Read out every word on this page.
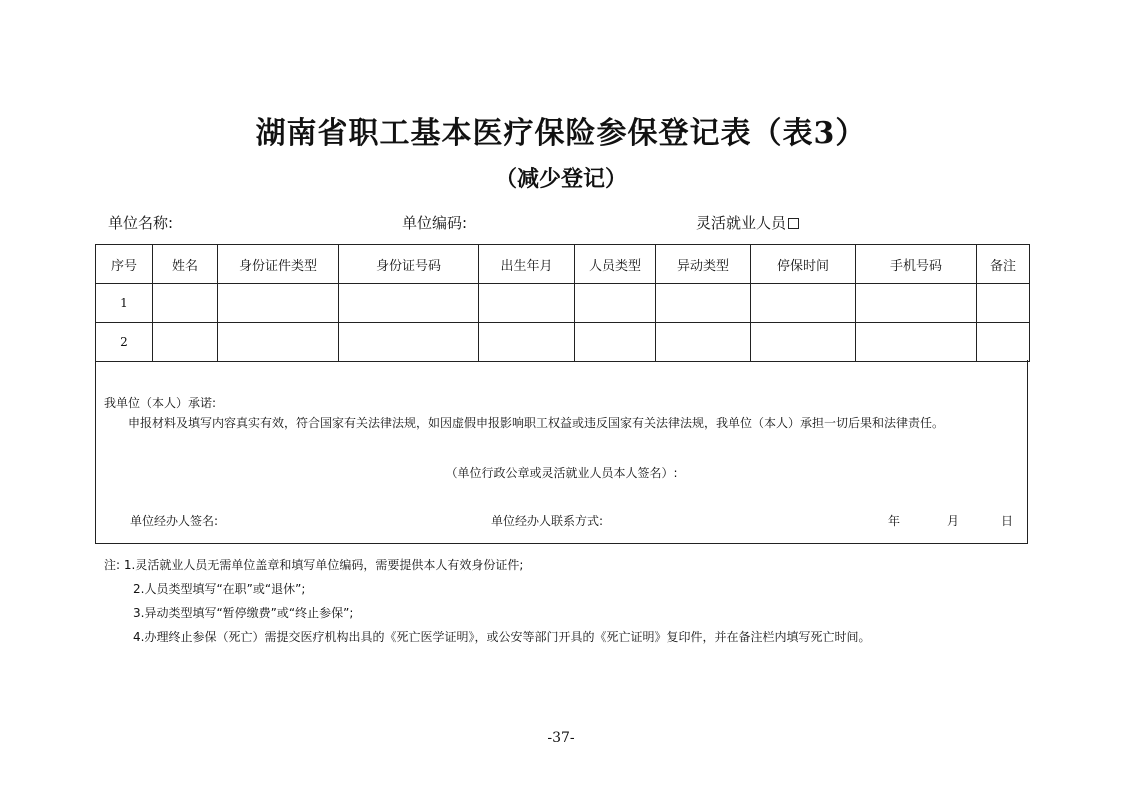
湖南省职工基本医疗保险参保登记表（表3）
（减少登记）
单位名称:	单位编码:	灵活就业人员
序号	姓名	身份证件类型	身份证号码	出生年月	人员类型	异动类型	停保时间	手机号码	备注
1									
2									
我单位（本人）承诺:
申报材料及填写内容真实有效，符合国家有关法律法规，如因虚假申报影响职工权益或违反国家有关法律法规，我单位（本人）承担一切后果和法律责任。
（单位行政公章或灵活就业人员本人签名）:
单位经办人签名:	单位经办人联系方式:	年	月	日
注: 1.灵活就业人员无需单位盖章和填写单位编码，需要提供本人有效身份证件;
2.人员类型填写“在职”或“退休”;
3.异动类型填写“暂停缴费”或“终止参保”;
4.办理终止参保（死亡）需提交医疗机构出具的《死亡医学证明》，或公安等部门开具的《死亡证明》复印件，并在备注栏内填写死亡时间。
-37-
